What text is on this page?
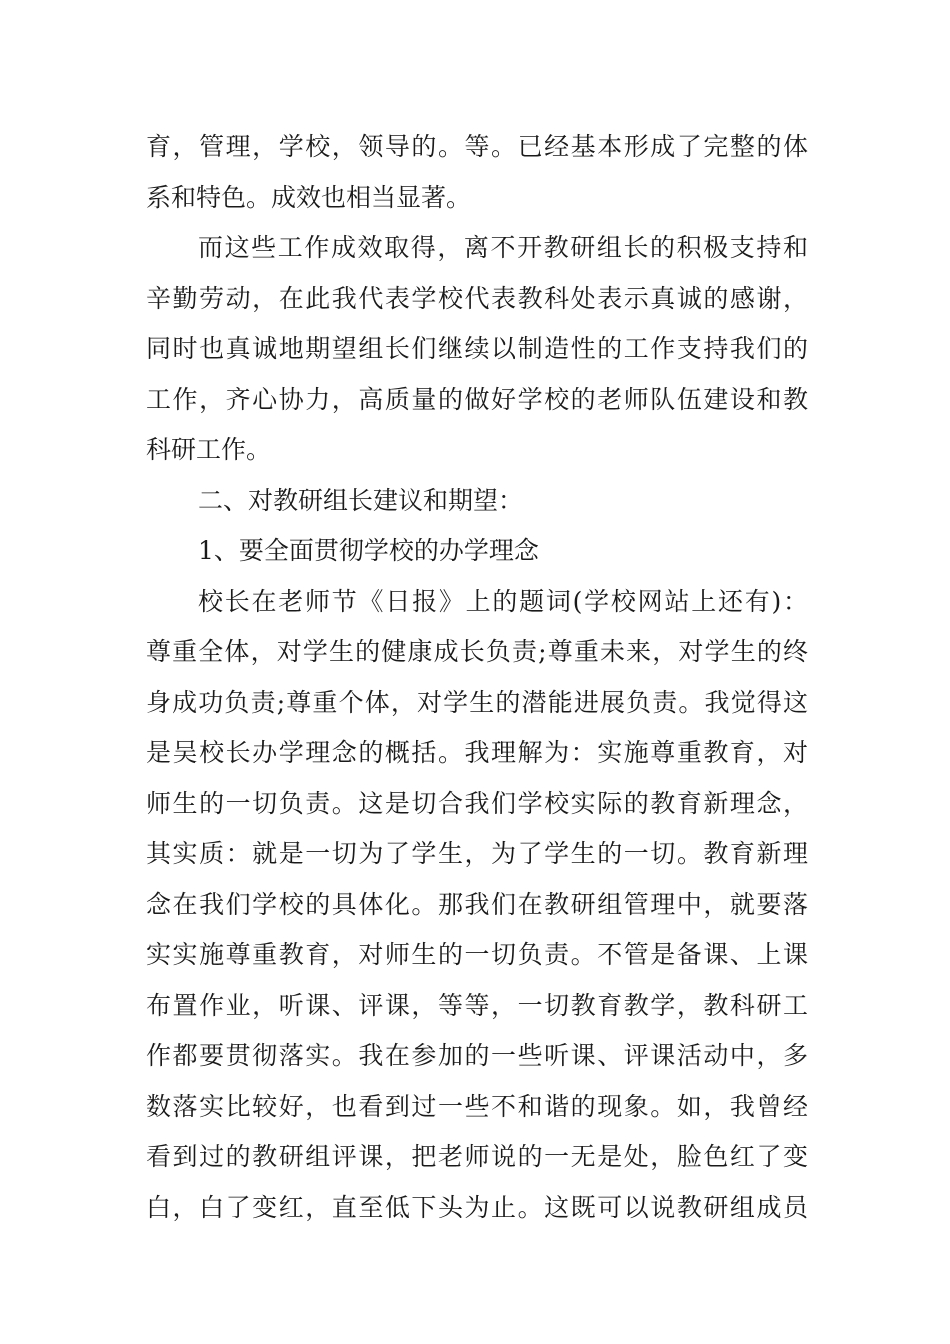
育，管理，学校，领导的。等。已经基本形成了完整的体
系和特色。成效也相当显著。
而这些工作成效取得，离不开教研组长的积极支持和
辛勤劳动，在此我代表学校代表教科处表示真诚的感谢，
同时也真诚地期望组长们继续以制造性的工作支持我们的
工作，齐心协力，高质量的做好学校的老师队伍建设和教
科研工作。
二、对教研组长建议和期望：
1、要全面贯彻学校的办学理念
校长在老师节《日报》上的题词(学校网站上还有)：
尊重全体，对学生的健康成长负责;尊重未来，对学生的终
身成功负责;尊重个体，对学生的潜能进展负责。我觉得这
是吴校长办学理念的概括。我理解为：实施尊重教育，对
师生的一切负责。这是切合我们学校实际的教育新理念，
其实质：就是一切为了学生，为了学生的一切。教育新理
念在我们学校的具体化。那我们在教研组管理中，就要落
实实施尊重教育，对师生的一切负责。不管是备课、上课
布置作业，听课、评课，等等，一切教育教学，教科研工
作都要贯彻落实。我在参加的一些听课、评课活动中，多
数落实比较好，也看到过一些不和谐的现象。如，我曾经
看到过的教研组评课，把老师说的一无是处，脸色红了变
白，白了变红，直至低下头为止。这既可以说教研组成员
